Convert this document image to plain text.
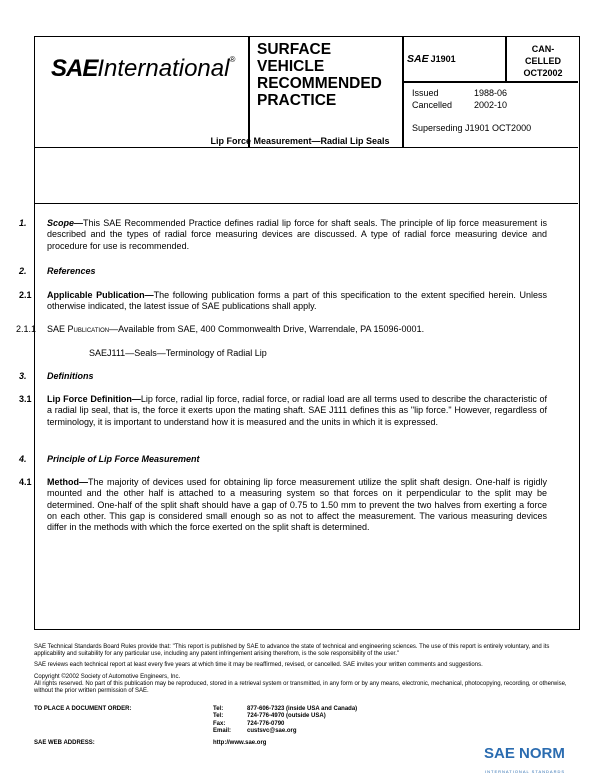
SAEInternational®
SURFACE
VEHICLE
RECOMMENDED
PRACTICE
SAE J1901
CAN-
CELLED
OCT2002
Issued	1988-06
Cancelled 2002-10
Superseding J1901 OCT2000
Lip Force Measurement—Radial Lip Seals
1. Scope—This SAE Recommended Practice defines radial lip force for shaft seals. The principle of lip force measurement is described and the types of radial force measuring devices are discussed. A type of radial force measuring device and procedure for use is recommended.
2. References
2.1 Applicable Publication—The following publication forms a part of this specification to the extent specified herein. Unless otherwise indicated, the latest issue of SAE publications shall apply.
2.1.1 SAE Publication—Available from SAE, 400 Commonwealth Drive, Warrendale, PA 15096-0001.
SAEJ111—Seals—Terminology of Radial Lip
3. Definitions
3.1 Lip Force Definition—Lip force, radial lip force, radial force, or radial load are all terms used to describe the characteristic of a radial lip seal, that is, the force it exerts upon the mating shaft. SAE J111 defines this as "lip force." However, regardless of terminology, it is important to understand how it is measured and the units in which it is expressed.
4. Principle of Lip Force Measurement
4.1 Method—The majority of devices used for obtaining lip force measurement utilize the split shaft design. One-half is rigidly mounted and the other half is attached to a measuring system so that forces on it perpendicular to the split may be determined. One-half of the split shaft should have a gap of 0.75 to 1.50 mm to prevent the two halves from exerting a force on each other. This gap is considered small enough so as not to affect the measurement. The various measuring devices differ in the methods with which the force exerted on the split shaft is determined.
SAE Technical Standards Board Rules provide that: "This report is published by SAE to advance the state of technical and engineering sciences. The use of this report is entirely voluntary, and its applicability and suitability for any particular use, including any patent infringement arising therefrom, is the sole responsibility of the user."
SAE reviews each technical report at least every five years at which time it may be reaffirmed, revised, or cancelled. SAE invites your written comments and suggestions.
Copyright ©2002 Society of Automotive Engineers, Inc.
All rights reserved. No part of this publication may be reproduced, stored in a retrieval system or transmitted, in any form or by any means, electronic, mechanical, photocopying, recording, or otherwise, without the prior written permission of SAE.
TO PLACE A DOCUMENT ORDER:	Tel:	877-606-7323 (inside USA and Canada)
Tel:	724-776-4970 (outside USA)
Fax:	724-776-0790
Email:	custsvc@sae.org
SAE WEB ADDRESS:	http://www.sae.org
SAE NORM
INTERNATIONAL STANDARDS
